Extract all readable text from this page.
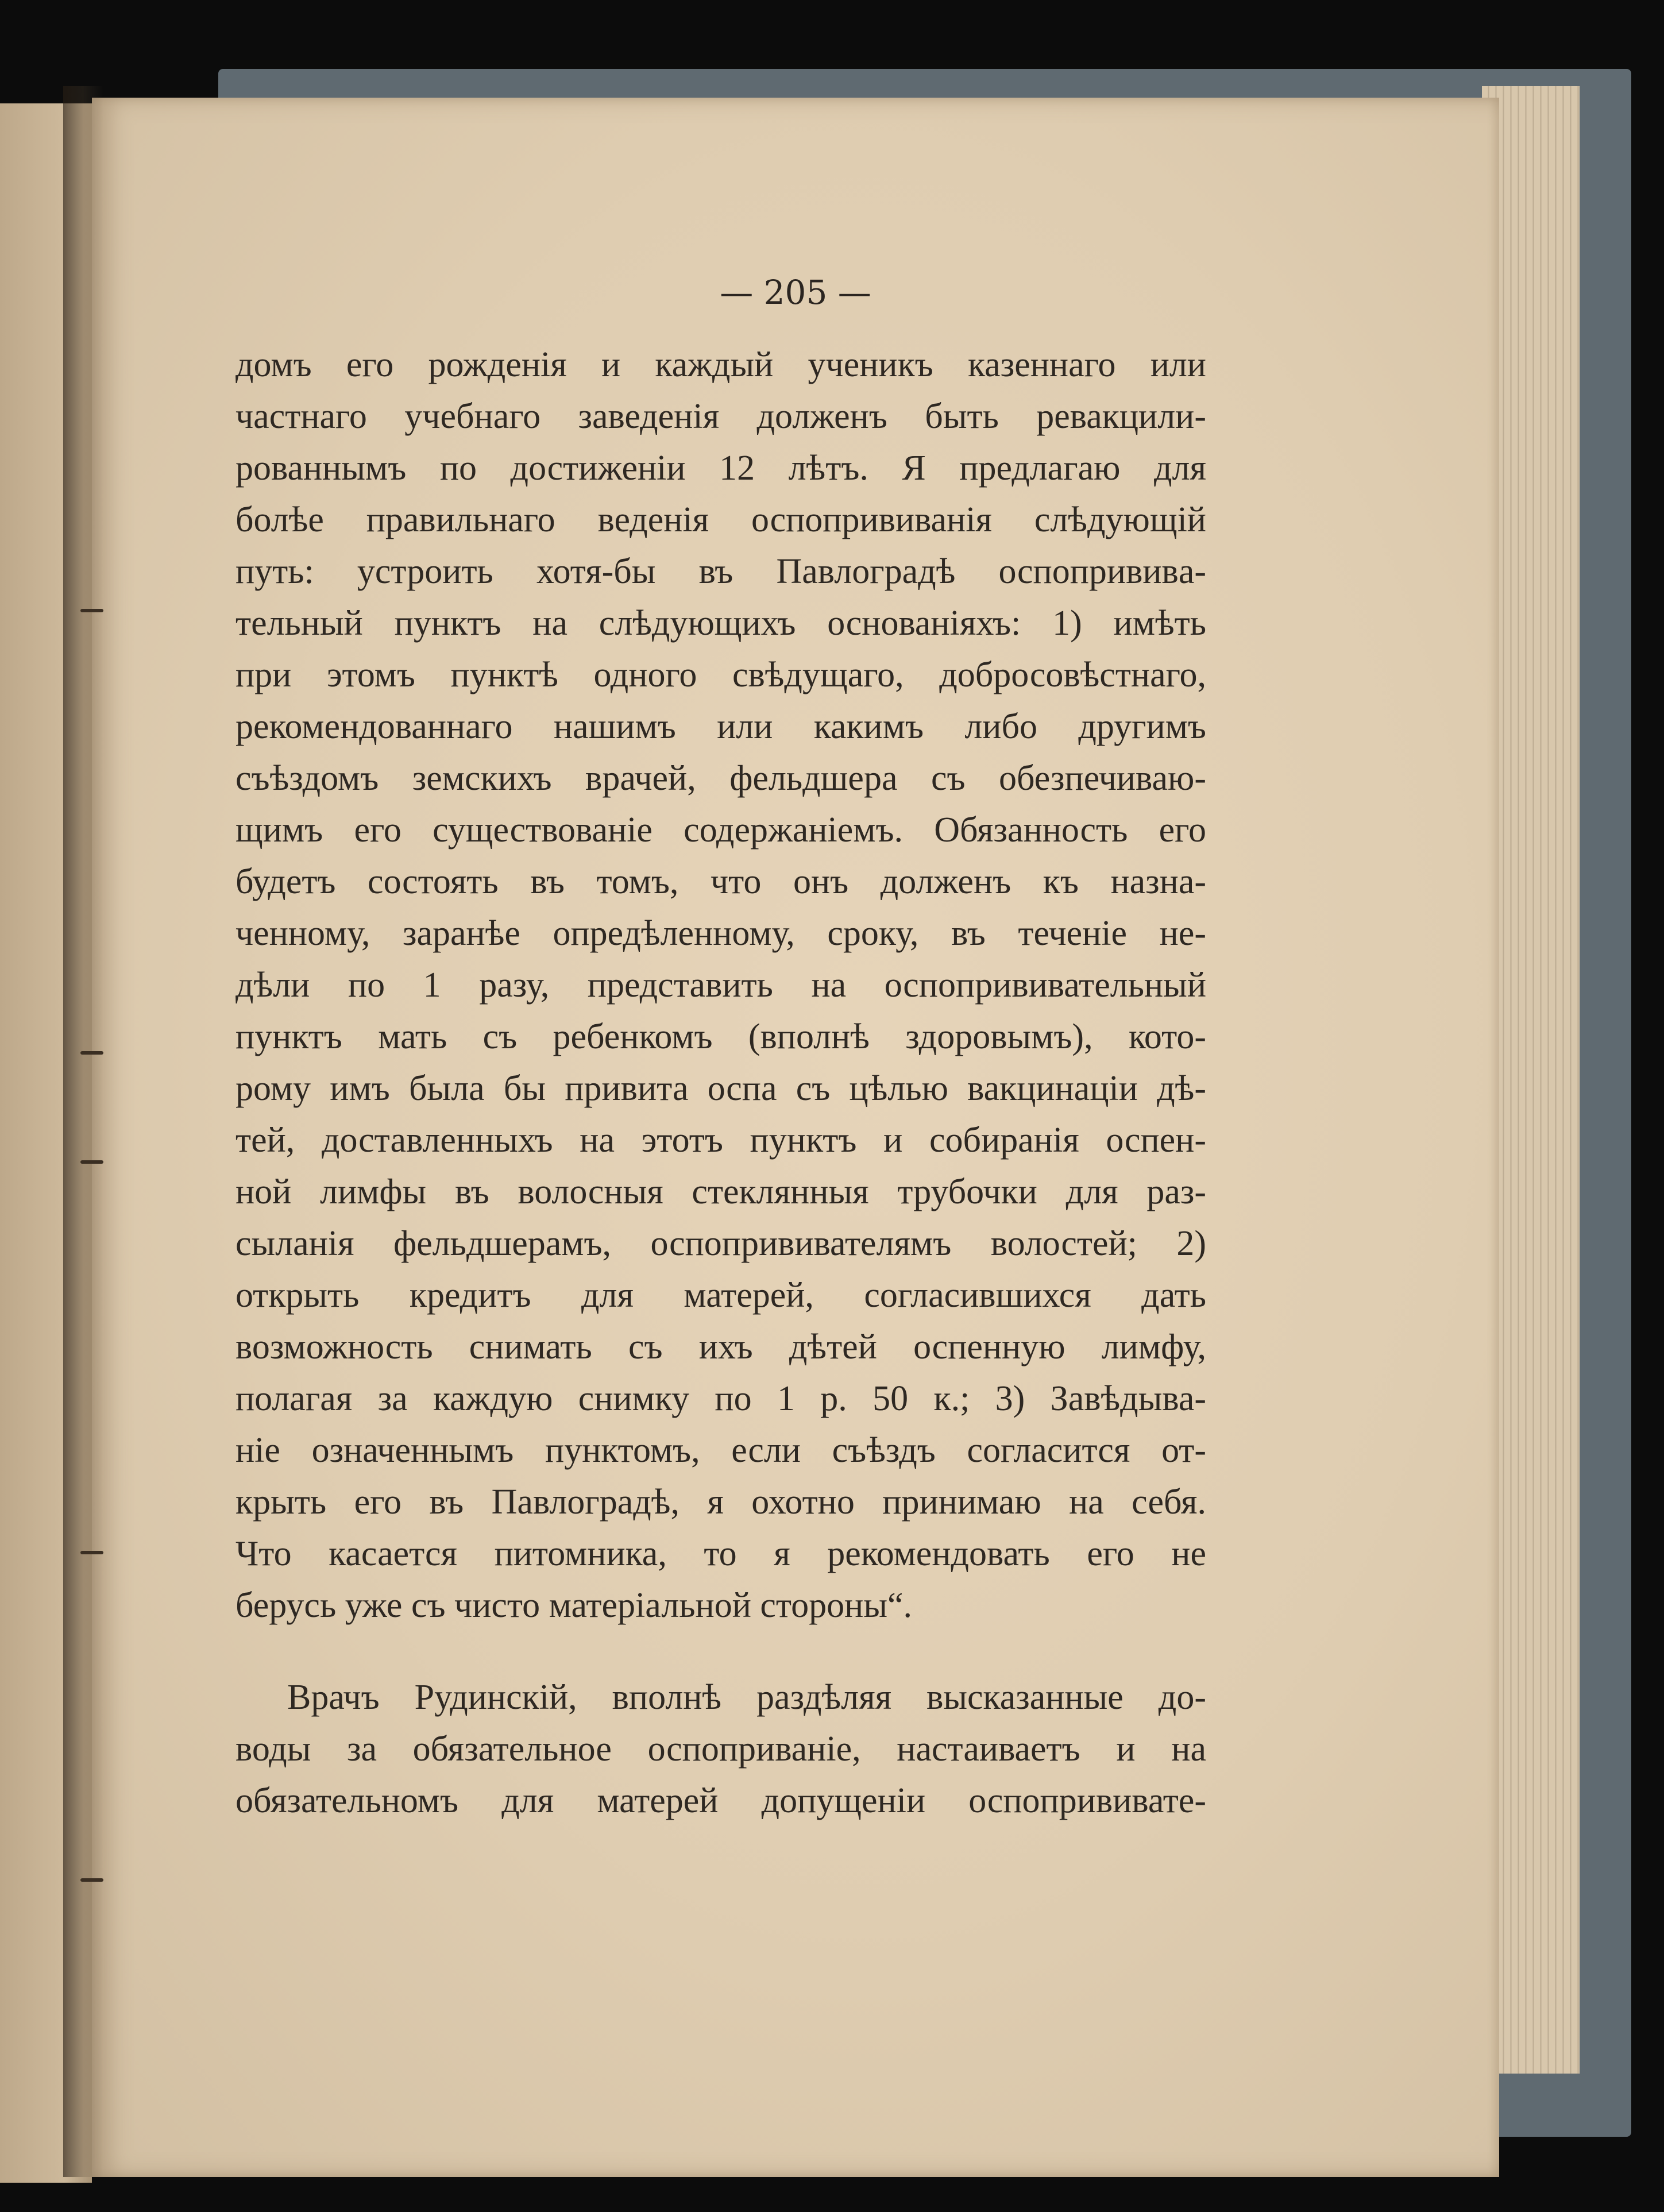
— 205 —
домъ его рожденія и каждый ученикъ казеннаго или
частнаго учебнаго заведенія долженъ быть ревакцили-
рованнымъ по достиженіи 12 лѣтъ. Я предлагаю для
болѣе правильнаго веденія оспопрививанія слѣдующій
путь: устроить хотя-бы въ Павлоградѣ оспопрививa-
тельный пунктъ на слѣдующихъ основаніяхъ: 1) имѣть
при этомъ пунктѣ одного свѣдущаго, добросовѣстнаго,
рекомендованнаго нашимъ или какимъ либо другимъ
съѣздомъ земскихъ врачей, фельдшера съ обезпечиваю-
щимъ его существованіе содержаніемъ. Обязанность его
будетъ состоять въ томъ, что онъ долженъ къ назна-
ченному, заранѣе опредѣленному, сроку, въ теченіе не-
дѣли по 1 разу, представить на оспопрививательный
пунктъ мать съ ребенкомъ (вполнѣ здоровымъ), кото-
рому имъ была бы привита оспа съ цѣлью вакцинаціи дѣ-
тей, доставленныхъ на этотъ пунктъ и собиранія оспен-
ной лимфы въ волосныя стеклянныя трубочки для раз-
сыланія фельдшерамъ, оспопрививателямъ волостей; 2)
открыть кредитъ для матерей, согласившихся дать
возможность снимать съ ихъ дѣтей оспенную лимфу,
полагая за каждую снимку по 1 р. 50 к.; 3) Завѣдыва-
ніе означеннымъ пунктомъ, если съѣздъ согласится от-
крыть его въ Павлоградѣ, я охотно принимаю на себя.
Что касается питомника, то я рекомендовать его не
берусь уже съ чисто матеріальной стороны“.
Врачъ Рудинскій, вполнѣ раздѣляя высказанные до-
воды за обязательное оспоприваніе, настаиваетъ и на
обязательномъ для матерей допущеніи оспопрививате-
